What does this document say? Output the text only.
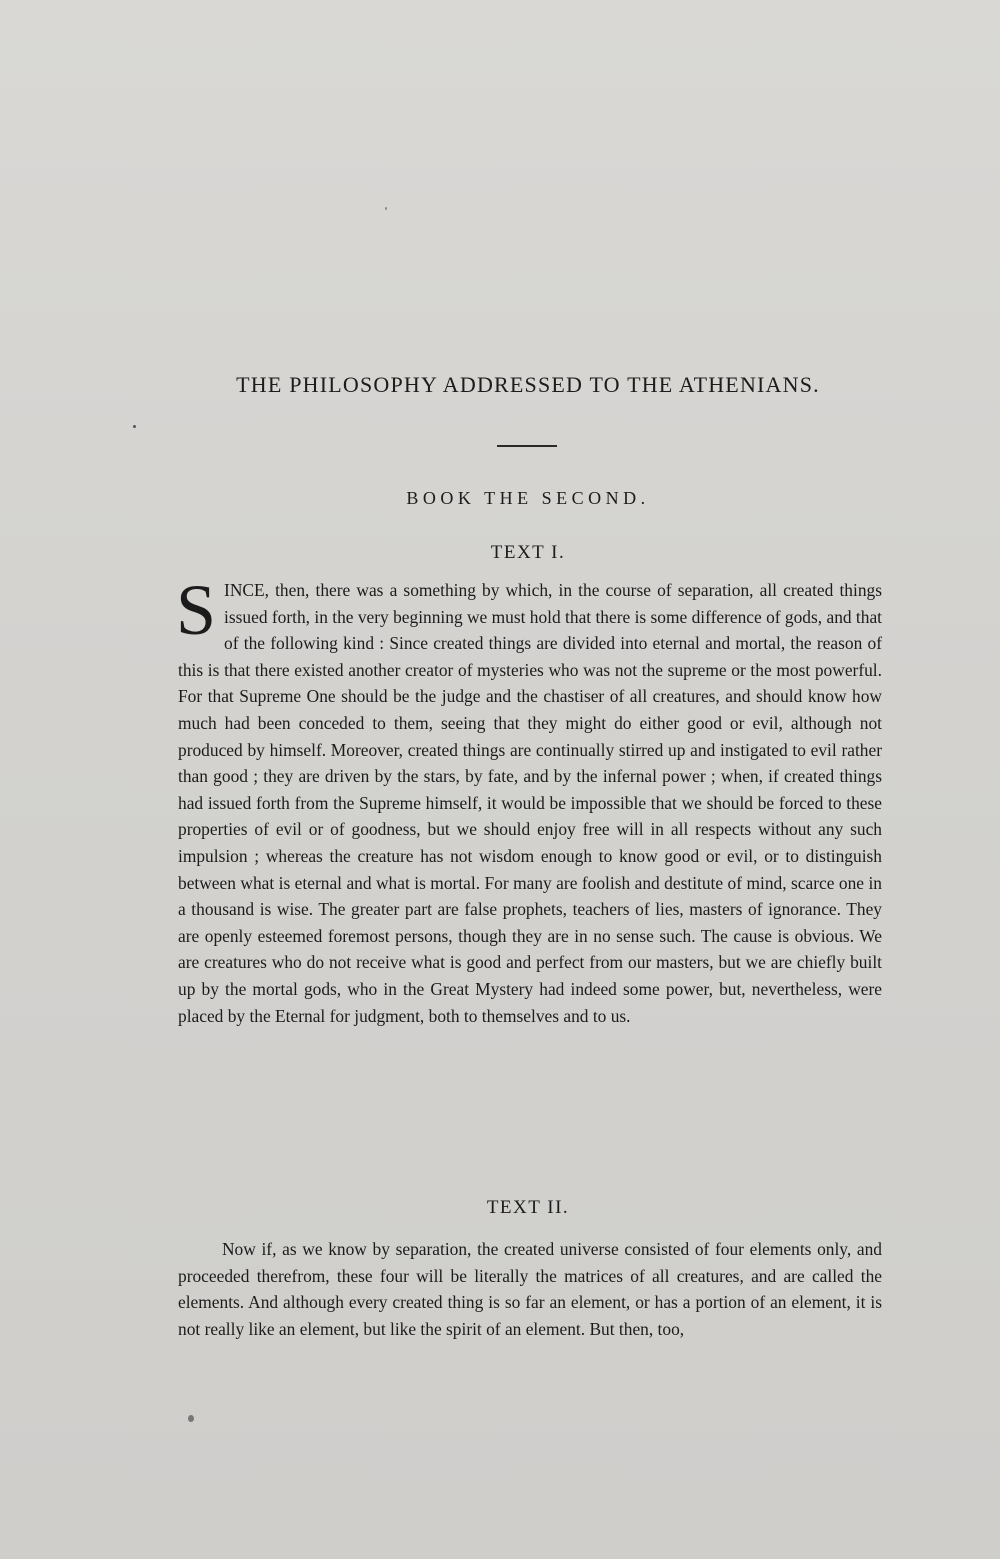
THE PHILOSOPHY ADDRESSED TO THE ATHENIANS.
BOOK THE SECOND.
TEXT I.
SINCE, then, there was a something by which, in the course of separation, all created things issued forth, in the very beginning we must hold that there is some difference of gods, and that of the following kind : Since created things are divided into eternal and mortal, the reason of this is that there existed another creator of mysteries who was not the supreme or the most powerful. For that Supreme One should be the judge and the chastiser of all creatures, and should know how much had been conceded to them, seeing that they might do either good or evil, although not produced by himself. Moreover, created things are continually stirred up and instigated to evil rather than good ; they are driven by the stars, by fate, and by the infernal power ; when, if created things had issued forth from the Supreme himself, it would be impossible that we should be forced to these properties of evil or of goodness, but we should enjoy free will in all respects without any such impulsion ; whereas the creature has not wisdom enough to know good or evil, or to distinguish between what is eternal and what is mortal. For many are foolish and destitute of mind, scarce one in a thousand is wise. The greater part are false prophets, teachers of lies, masters of ignorance. They are openly esteemed foremost persons, though they are in no sense such. The cause is obvious. We are creatures who do not receive what is good and perfect from our masters, but we are chiefly built up by the mortal gods, who in the Great Mystery had indeed some power, but, nevertheless, were placed by the Eternal for judgment, both to themselves and to us.
TEXT II.
Now if, as we know by separation, the created universe consisted of four elements only, and proceeded therefrom, these four will be literally the matrices of all creatures, and are called the elements. And although every created thing is so far an element, or has a portion of an element, it is not really like an element, but like the spirit of an element. But then, too,
